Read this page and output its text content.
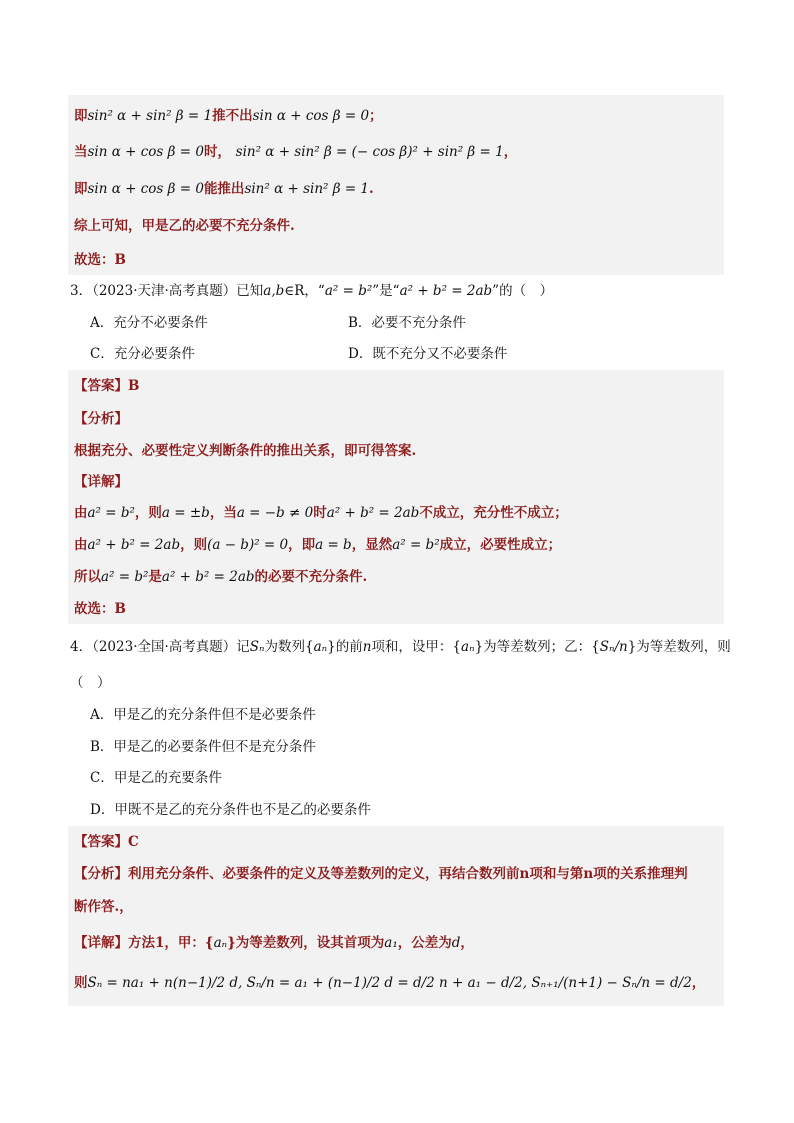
即sin² α + sin² β = 1推不出sin α + cos β = 0；
当sin α + cos β = 0时， sin² α + sin² β = (− cos β)² + sin² β = 1，
即sin α + cos β = 0能推出sin² α + sin² β = 1.
综上可知，甲是乙的必要不充分条件.
故选：B
3．（2023·天津·高考真题）已知a,b∈R，“a² = b²”是“a² + b² = 2ab”的（　）
A．充分不必要条件	B．必要不充分条件
C．充分必要条件	D．既不充分又不必要条件
【答案】B
【分析】
根据充分、必要性定义判断条件的推出关系，即可得答案.
【详解】
由a² = b²，则a = ±b，当a = −b ≠ 0时a² + b² = 2ab不成立，充分性不成立；
由a² + b² = 2ab，则(a − b)² = 0，即a = b，显然a² = b²成立，必要性成立；
所以a² = b²是a² + b² = 2ab的必要不充分条件.
故选：B
4．（2023·全国·高考真题）记Sₙ为数列{aₙ}的前n项和，设甲：{aₙ}为等差数列；乙：{Sₙ/n}为等差数列，则
（　）
A．甲是乙的充分条件但不是必要条件
B．甲是乙的必要条件但不是充分条件
C．甲是乙的充要条件
D．甲既不是乙的充分条件也不是乙的必要条件
【答案】C
【分析】利用充分条件、必要条件的定义及等差数列的定义，再结合数列前n项和与第n项的关系推理判
断作答.，
【详解】方法1，甲：{aₙ}为等差数列，设其首项为a₁，公差为d，
则Sₙ = na₁ + n(n−1)/2 d, Sₙ/n = a₁ + (n−1)/2 d = d/2 n + a₁ − d/2, Sₙ₊₁/(n+1) − Sₙ/n = d/2，
